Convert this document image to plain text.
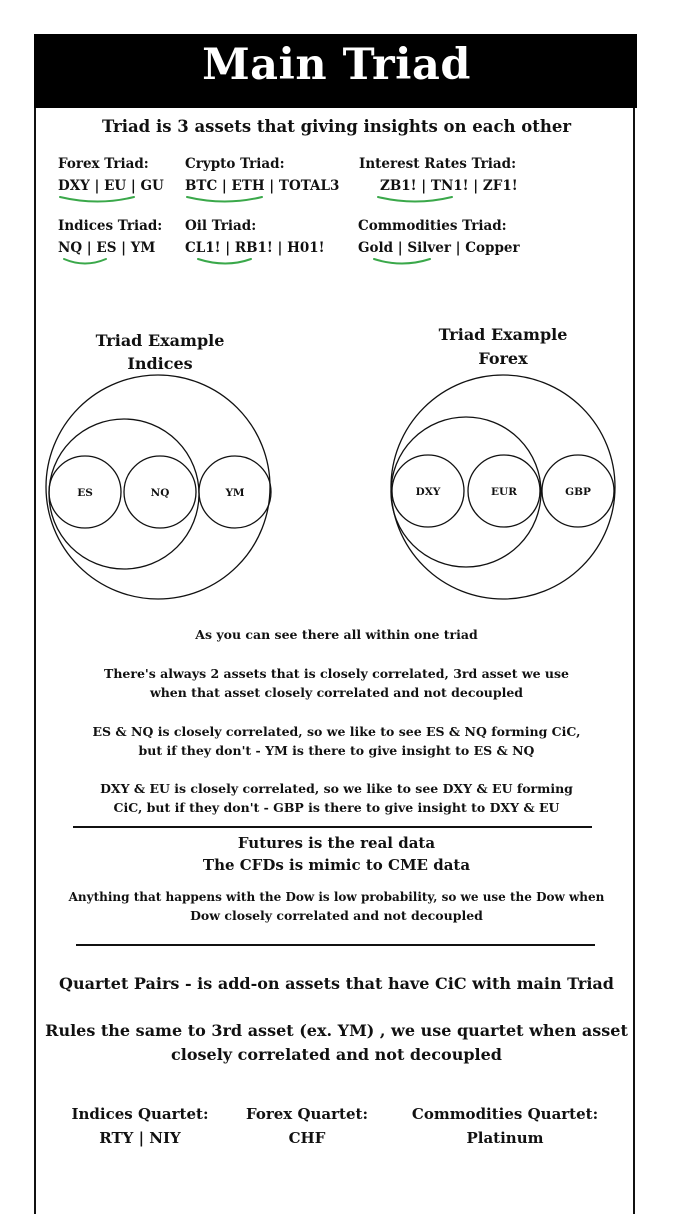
Main Triad
Triad is 3 assets that giving insights on each other
Forex Triad:
DXY | EU | GU
Crypto Triad:
BTC | ETH | TOTAL3
Interest Rates Triad:
ZB1! | TN1! | ZF1!
Indices Triad:
NQ | ES | YM
Oil Triad:
CL1! | RB1! | H01!
Commodities Triad:
Gold | Silver | Copper
ES	NQ	YM	DXY	EUR	GBP
Triad Example
Indices
Triad Example
Forex
As you can see there all within one triad
There's always 2 assets that is closely correlated, 3rd asset we use
when that asset closely correlated and not decoupled
ES & NQ is closely correlated, so we like to see ES & NQ forming CiC,
but if they don't - YM is there to give insight to ES & NQ
DXY & EU is closely correlated, so we like to see DXY & EU forming
CiC, but if they don't - GBP is there to give insight to DXY & EU
Futures is the real data
The CFDs is mimic to CME data
Anything that happens with the Dow is low probability, so we use the Dow when
Dow closely correlated and not decoupled
Quartet Pairs - is add-on assets that have CiC with main Triad
Rules the same to 3rd asset (ex. YM) , we use quartet when asset
closely correlated and not decoupled
Indices Quartet:
RTY | NIY
Forex Quartet:
CHF
Commodities Quartet:
Platinum
